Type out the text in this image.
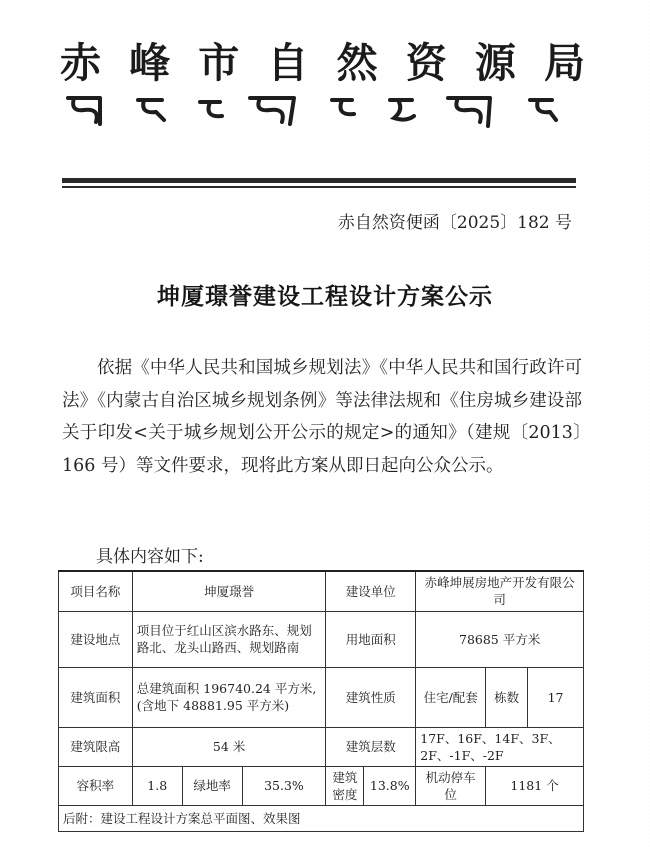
赤 峰 市 自 然 资 源 局
赤自然资便函〔2025〕182 号
坤厦璟誉建设工程设计方案公示
依据《中华人民共和国城乡规划法》《中华人民共和国行政许可法》《内蒙古自治区城乡规划条例》等法律法规和《住房城乡建设部关于印发<关于城乡规划公开公示的规定>的通知》（建规〔2013〕166 号）等文件要求，现将此方案从即日起向公众公示。
具体内容如下:
项目名称	坤厦璟誉			建设单位		赤峰坤展房地产开发有限公司		
建设地点	项目位于红山区滨水路东、规划路北、龙头山路西、规划路南			用地面积		78685 平方米		
建筑面积	总建筑面积 196740.24 平方米,(含地下 48881.95 平方米)			建筑性质		住宅/配套	栋数	17
建筑限高	54 米			建筑层数		17F、16F、14F、3F、2F、-1F、-2F		
容积率	1.8	绿地率	35.3%	建筑密度	13.8%	机动停车位	1181 个	
后附：建设工程设计方案总平面图、效果图								
